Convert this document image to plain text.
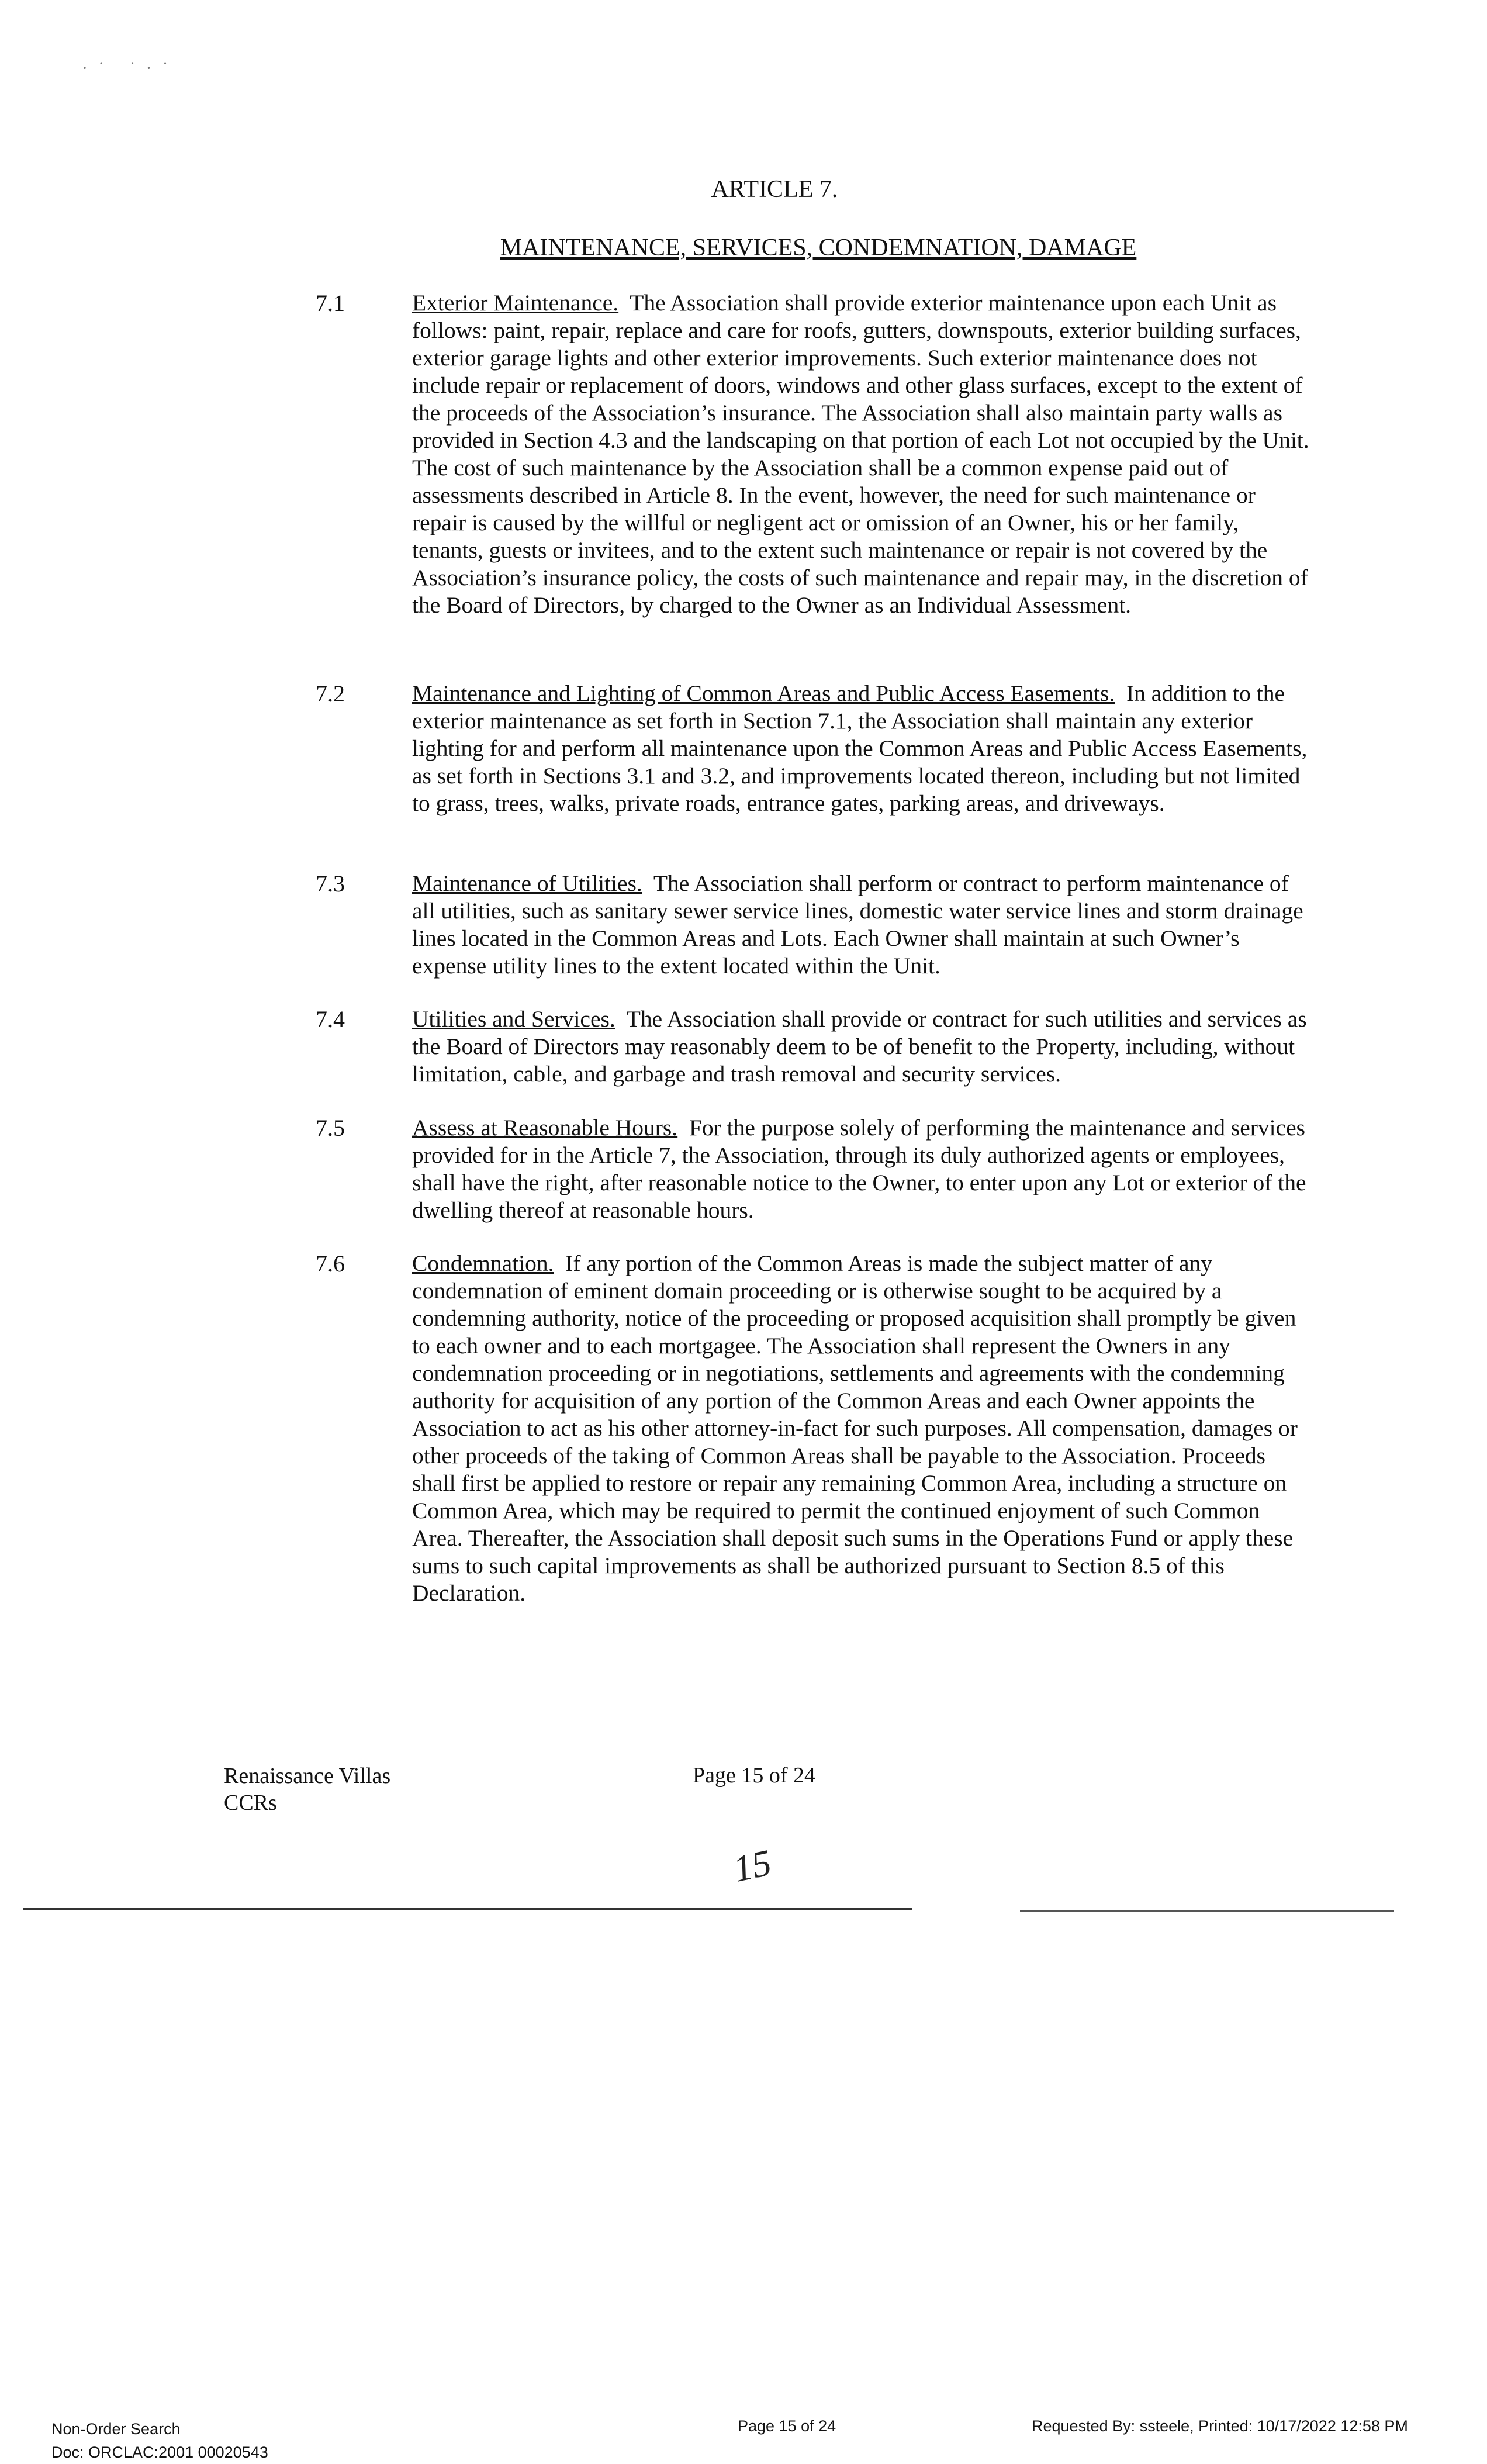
·˙ ˙·˙
ARTICLE 7.
MAINTENANCE, SERVICES, CONDEMNATION, DAMAGE
7.1	Exterior Maintenance. The Association shall provide exterior maintenance upon each Unit as follows: paint, repair, replace and care for roofs, gutters, downspouts, exterior building surfaces, exterior garage lights and other exterior improvements. Such exterior maintenance does not include repair or replacement of doors, windows and other glass surfaces, except to the extent of the proceeds of the Association’s insurance. The Association shall also maintain party walls as provided in Section 4.3 and the landscaping on that portion of each Lot not occupied by the Unit. The cost of such maintenance by the Association shall be a common expense paid out of assessments described in Article 8. In the event, however, the need for such maintenance or repair is caused by the willful or negligent act or omission of an Owner, his or her family, tenants, guests or invitees, and to the extent such maintenance or repair is not covered by the Association’s insurance policy, the costs of such maintenance and repair may, in the discretion of the Board of Directors, by charged to the Owner as an Individual Assessment.
7.2	Maintenance and Lighting of Common Areas and Public Access Easements. In addition to the exterior maintenance as set forth in Section 7.1, the Association shall maintain any exterior lighting for and perform all maintenance upon the Common Areas and Public Access Easements, as set forth in Sections 3.1 and 3.2, and improvements located thereon, including but not limited to grass, trees, walks, private roads, entrance gates, parking areas, and driveways.
7.3	Maintenance of Utilities. The Association shall perform or contract to perform maintenance of all utilities, such as sanitary sewer service lines, domestic water service lines and storm drainage lines located in the Common Areas and Lots. Each Owner shall maintain at such Owner’s expense utility lines to the extent located within the Unit.
7.4	Utilities and Services. The Association shall provide or contract for such utilities and services as the Board of Directors may reasonably deem to be of benefit to the Property, including, without limitation, cable, and garbage and trash removal and security services.
7.5	Assess at Reasonable Hours. For the purpose solely of performing the maintenance and services provided for in the Article 7, the Association, through its duly authorized agents or employees, shall have the right, after reasonable notice to the Owner, to enter upon any Lot or exterior of the dwelling thereof at reasonable hours.
7.6	Condemnation. If any portion of the Common Areas is made the subject matter of any condemnation of eminent domain proceeding or is otherwise sought to be acquired by a condemning authority, notice of the proceeding or proposed acquisition shall promptly be given to each owner and to each mortgagee. The Association shall represent the Owners in any condemnation proceeding or in negotiations, settlements and agreements with the condemning authority for acquisition of any portion of the Common Areas and each Owner appoints the Association to act as his other attorney-in-fact for such purposes. All compensation, damages or other proceeds of the taking of Common Areas shall be payable to the Association. Proceeds shall first be applied to restore or repair any remaining Common Area, including a structure on Common Area, which may be required to permit the continued enjoyment of such Common Area. Thereafter, the Association shall deposit such sums in the Operations Fund or apply these sums to such capital improvements as shall be authorized pursuant to Section 8.5 of this Declaration.
Renaissance Villas
CCRs
Page 15 of 24
15
Non-Order Search
Doc: ORCLAC:2001 00020543
Page 15 of 24	Requested By: ssteele, Printed: 10/17/2022 12:58 PM
